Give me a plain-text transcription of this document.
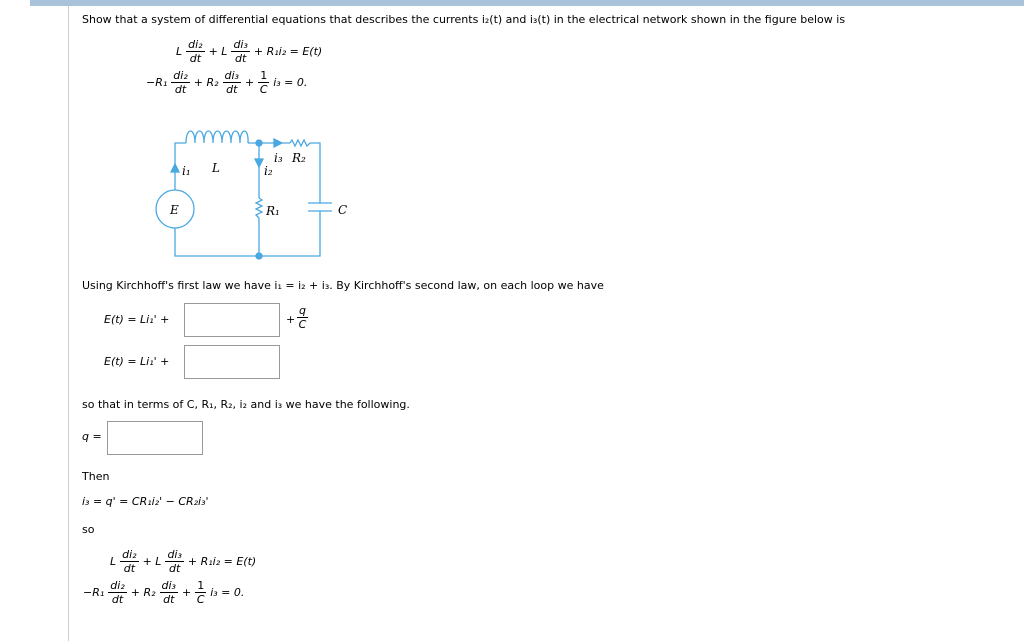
Show that a system of differential equations that describes the currents i₂(t) and i₃(t) in the electrical network shown in the figure below is
L
di₂
dt
+ L
di₃
dt
+ R₁i₂ = E(t)
−R₁
di₂
dt
+ R₂
di₃
dt
+ $\frac{1}{C} i_3 = 0$.
i₁ L
i₃ R₂
i₂
E	R₁	C
Using Kirchhoff's first law we have i₁ = i₂ + i₃. By Kirchhoff's second law, on each loop we have
E(t) = Li₁' +	+
q
C
E(t) = Li₁' +
so that in terms of C, R₁, R₂, i₂ and i₃ we have the following.
q =
Then
i₃ = q' = CR₁i₂' − CR₂i₃'
so
L
di₂
dt
+ L
di₃
dt
+ R₁i₂ = E(t)
−R₁
di₂
dt
+ R₂
di₃
dt
+ $\frac{1}{C} i_3 = 0$.
